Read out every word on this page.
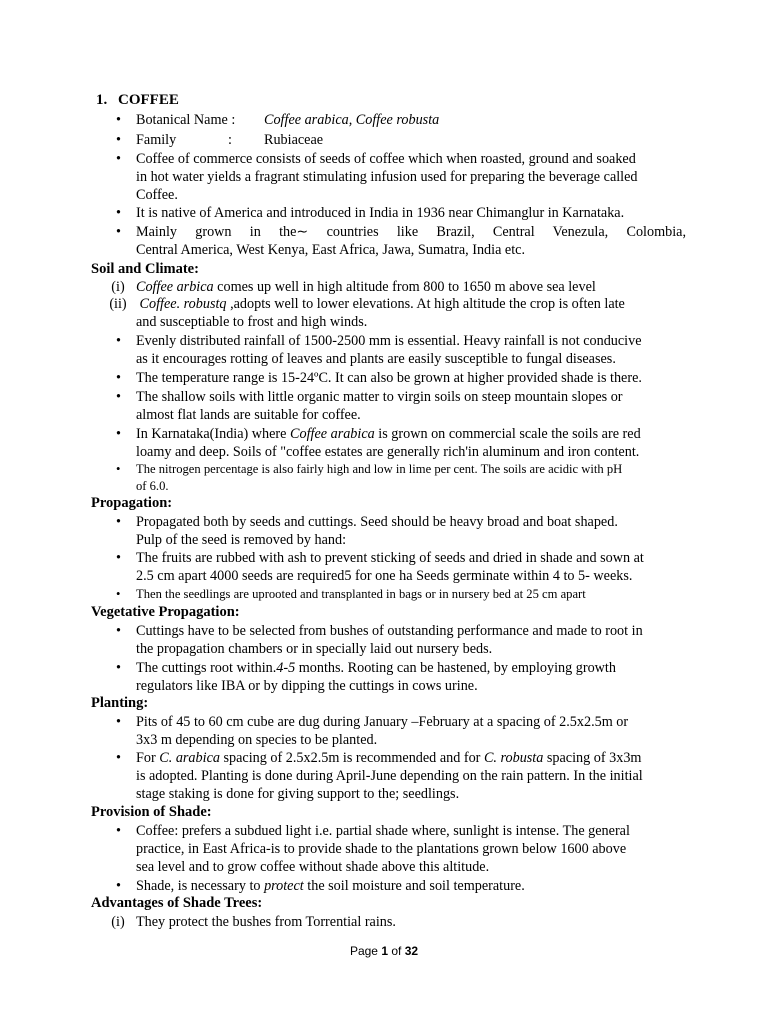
1. COFFEE
•	Botanical Name : Coffee arabica, Coffee robusta
•	Family	: Rubiaceae
•	Coffee of commerce consists of seeds of coffee which when roasted, ground and soaked
in hot water yields a fragrant stimulating infusion used for preparing the beverage called
Coffee.
•	It is native of America and introduced in India in 1936 near Chimanglur in Karnataka.
•	Mainly grown in the∼ countries like Brazil, Central Venezula, Colombia,
Central America, West Kenya, East Africa, Jawa, Sumatra, India etc.
Soil and Climate:
(i) Coffee arbica comes up well in high altitude from 800 to 1650 m above sea level
(ii) Coffee. robustq ,adopts well to lower elevations. At high altitude the crop is often late
and susceptiable to frost and high winds.
•	Evenly distributed rainfall of 1500-2500 mm is essential. Heavy rainfall is not conducive
as it encourages rotting of leaves and plants are easily susceptible to fungal diseases.
•	The temperature range is 15-24ºC. It can also be grown at higher provided shade is there.
•	The shallow soils with little organic matter to virgin soils on steep mountain slopes or
almost flat lands are suitable for coffee.
•	In Karnataka(India) where Coffee arabica is grown on commercial scale the soils are red
loamy and deep. Soils of "coffee estates are generally rich'in aluminum and iron content.
•	The nitrogen percentage is also fairly high and low in lime per cent. The soils are acidic with pH
of 6.0.
Propagation:
•	Propagated both by seeds and cuttings. Seed should be heavy broad and boat shaped.
Pulp of the seed is removed by hand:
•	The fruits are rubbed with ash to prevent sticking of seeds and dried in shade and sown at
2.5 cm apart 4000 seeds are required5 for one ha Seeds germinate within 4 to 5- weeks.
•	Then the seedlings are uprooted and transplanted in bags or in nursery bed at 25 cm apart
Vegetative Propagation:
•	Cuttings have to be selected from bushes of outstanding performance and made to root in
the propagation chambers or in specially laid out nursery beds.
•	The cuttings root within.4-5 months. Rooting can be hastened, by employing growth
regulators like IBA or by dipping the cuttings in cows urine.
Planting:
•	Pits of 45 to 60 cm cube are dug during January –February at a spacing of 2.5x2.5m or
3x3 m depending on species to be planted.
•	For C. arabica spacing of 2.5x2.5m is recommended and for C. robusta spacing of 3x3m
is adopted. Planting is done during April-June depending on the rain pattern. In the initial
stage staking is done for giving support to the; seedlings.
Provision of Shade:
•	Coffee: prefers a subdued light i.e. partial shade where, sunlight is intense. The general
practice, in East Africa-is to provide shade to the plantations grown below 1600 above
sea level and to grow coffee without shade above this altitude.
•	Shade, is necessary to protect the soil moisture and soil temperature.
Advantages of Shade Trees:
(i) They protect the bushes from Torrential rains.
Page 1 of 32
